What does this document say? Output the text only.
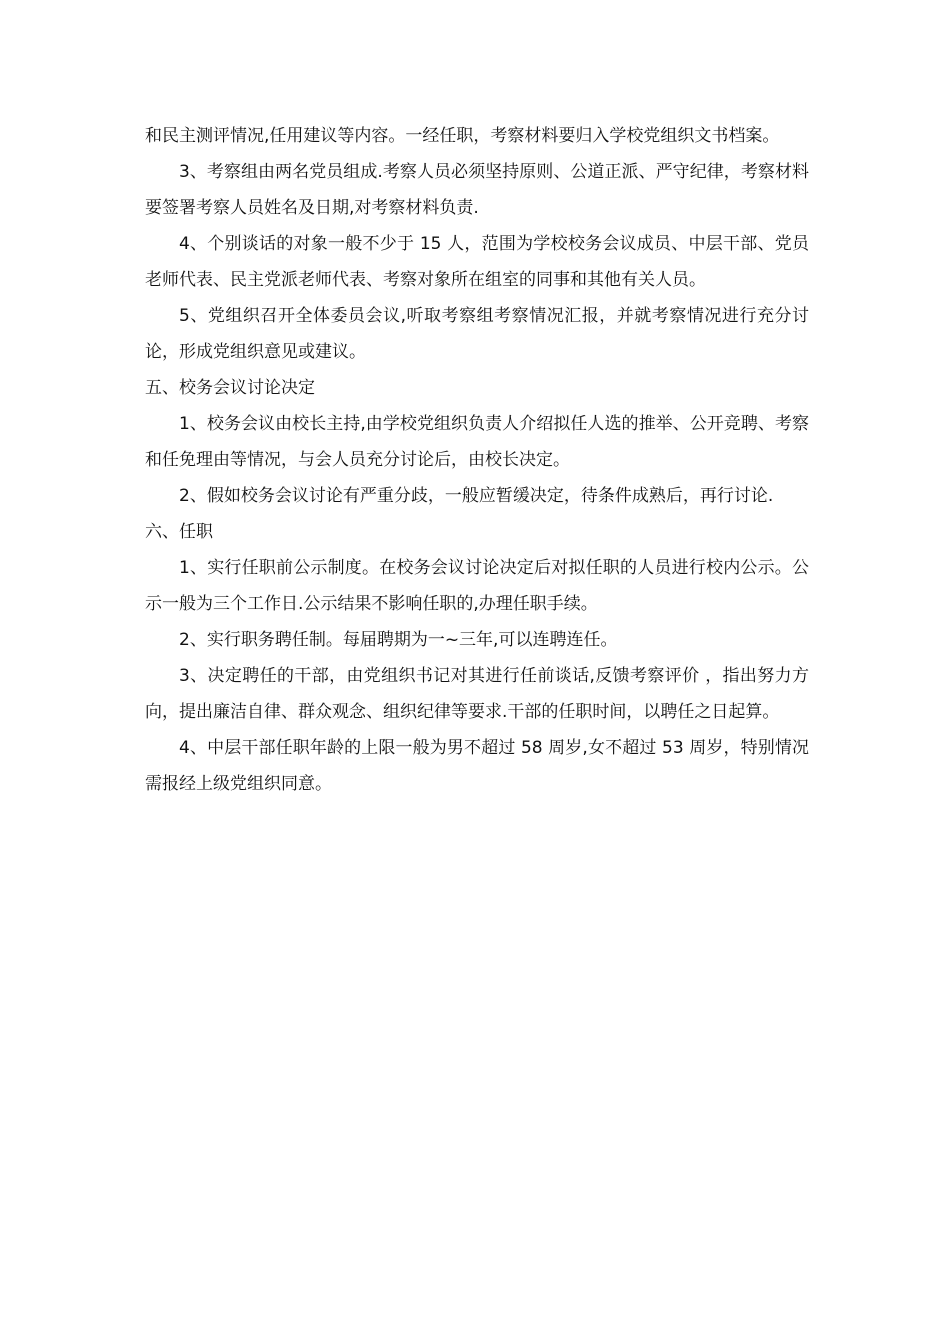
和民主测评情况,任用建议等内容。一经任职，考察材料要归入学校党组织文书档案。

3、考察组由两名党员组成.考察人员必须坚持原则、公道正派、严守纪律，考察材料要签署考察人员姓名及日期,对考察材料负责.

4、个别谈话的对象一般不少于 15 人，范围为学校校务会议成员、中层干部、党员老师代表、民主党派老师代表、考察对象所在组室的同事和其他有关人员。

5、党组织召开全体委员会议,听取考察组考察情况汇报，并就考察情况进行充分讨论，形成党组织意见或建议。

五、校务会议讨论决定

1、校务会议由校长主持,由学校党组织负责人介绍拟任人选的推举、公开竞聘、考察和任免理由等情况，与会人员充分讨论后，由校长决定。

2、假如校务会议讨论有严重分歧，一般应暂缓决定，待条件成熟后，再行讨论.

六、任职

1、实行任职前公示制度。在校务会议讨论决定后对拟任职的人员进行校内公示。公示一般为三个工作日.公示结果不影响任职的,办理任职手续。

2、实行职务聘任制。每届聘期为一~三年,可以连聘连任。

3、决定聘任的干部，由党组织书记对其进行任前谈话,反馈考察评价 ，指出努力方向，提出廉洁自律、群众观念、组织纪律等要求.干部的任职时间，以聘任之日起算。

4、中层干部任职年龄的上限一般为男不超过 58 周岁,女不超过 53 周岁，特别情况需报经上级党组织同意。
